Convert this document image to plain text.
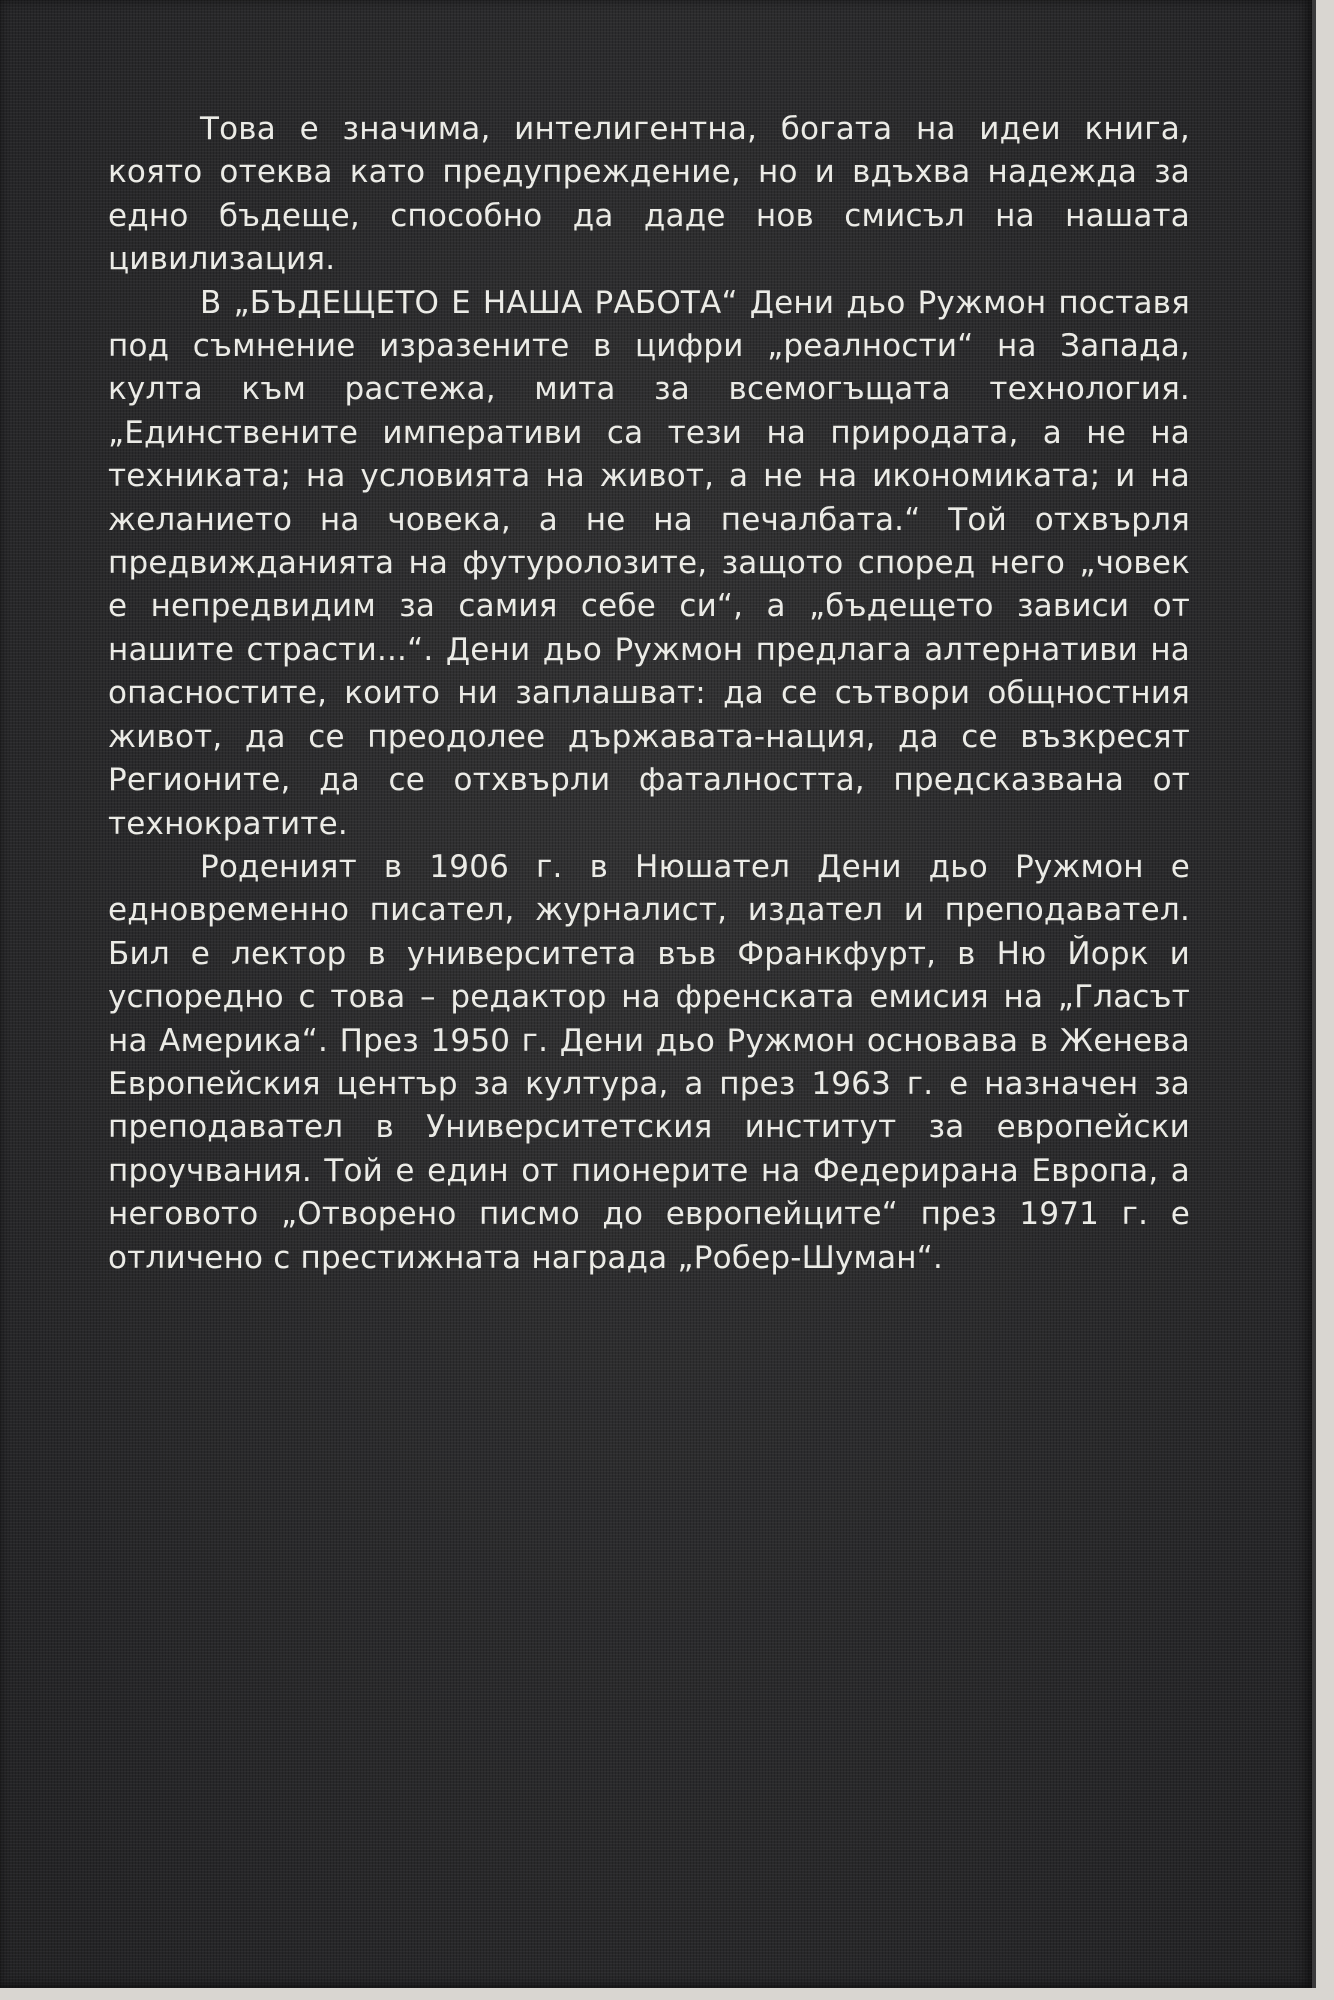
Това е значима, интелигентна, богата на идеи книга, която отеква като предупреждение, но и вдъхва надежда за едно бъдеще, способно да даде нов смисъл на нашата цивилизация.

В „БЪДЕЩЕТО Е НАША РАБОТА“ Дени дьо Ружмон поставя под съмнение изразените в цифри „реалности“ на Запада, култа към растежа, мита за всемогъщата технология. „Единствените императиви са тези на природата, а не на техниката; на условията на живот, а не на икономиката; и на желанието на човека, а не на печалбата.“ Той отхвърля предвижданията на футуролозите, защото според него „човек е непредвидим за самия себе си“, а „бъдещето зависи от нашите страсти...“. Дени дьо Ружмон предлага алтернативи на опасностите, които ни заплашват: да се сътвори общностния живот, да се преодолее държавата-нация, да се възкресят Регионите, да се отхвърли фаталността, предсказвана от технократите.

Роденият в 1906 г. в Нюшател Дени дьо Ружмон е едновременно писател, журналист, издател и преподавател. Бил е лектор в университета във Франкфурт, в Ню Йорк и успоредно с това – редактор на френската емисия на „Гласът на Америка“. През 1950 г. Дени дьо Ружмон основава в Женева Европейския център за култура, а през 1963 г. е назначен за преподавател в Университетския институт за европейски проучвания. Той е един от пионерите на Федерирана Европа, а неговото „Отворено писмо до европейците“ през 1971 г. е отличено с престижната награда „Робер-Шуман“.
